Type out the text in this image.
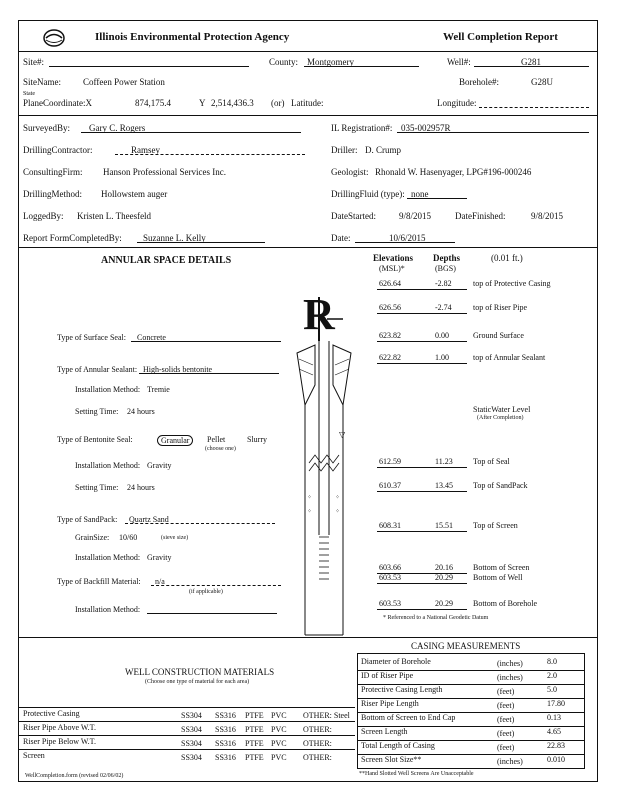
Illinois Environmental Protection Agency	Well Completion Report
Site#:	County: Montgomery	Well#:	G281
SiteName: Coffeen Power Station	Borehole#:	G28U
State
PlaneCoordinate:X	874,175.4	Y 2,514,436.3 (or) Latitude:	Longitude:
SurveyedBy: Gary C. Rogers	IL Registration#: 035-002957R
DrillingContractor:	Ramsey	Driller: D. Crump
ConsultingFirm: Hanson Professional Services Inc.	Geologist: Rhonald W. Hasenyager, LPG#196-000246
DrillingMethod: Hollowstem auger	DrillingFluid (type): none
LoggedBy: Kristen L. Theesfeld	DateStarted:	9/8/2015	DateFinished:	9/8/2015
Report FormCompletedBy: Suzanne L. Kelly	Date:	10/6/2015
ANNULAR SPACE DETAILS	Elevations
(MSL)*
Depths
(BGS)
(0.01 ft.)
R
▽
⁘	⁘
⁘	⁘
626.64	-2.82	top of Protective Casing
626.56	-2.74	top of Riser Pipe
623.82	0.00	Ground Surface
622.82	1.00	top of Annular Sealant
612.59	11.23	Top of Seal
610.37	13.45	Top of SandPack
608.31	15.51	Top of Screen
603.66	20.16	Bottom of Screen
603.53	20.29	Bottom of Well
603.53	20.29	Bottom of Borehole
StaticWater Level
(After Completion)
* Referenced to a National Geodetic Datum
Type of Surface Seal: Concrete
Type of Annular Sealant: High-solids bentonite
Installation Method: Tremie
Setting Time: 24 hours
Type of Bentonite Seal:	Granular	Pellet	Slurry
(choose one)
Installation Method: Gravity
Setting Time: 24 hours
Type of SandPack: Quartz Sand
GrainSize: 10/60	(sieve size)
Installation Method: Gravity
Type of Backfill Material: n/a
(if applicable)
Installation Method:
WELL CONSTRUCTION MATERIALS
(Choose one type of material for each area)
Protective Casing	SS304 SS316 PTFE PVC OTHER: Steel
Riser Pipe Above W.T.	SS304 SS316 PTFE PVC OTHER:
Riser Pipe Below W.T.	SS304 SS316 PTFE PVC OTHER:
Screen	SS304 SS316 PTFE PVC OTHER:
CASING MEASUREMENTS
Diameter of Borehole	(inches)	8.0
ID of Riser Pipe	(inches)	2.0
Protective Casing Length	(feet)	5.0
Riser Pipe Length	(feet)	17.80
Bottom of Screen to End Cap	(feet)	0.13
Screen Length	(feet)	4.65
Total Length of Casing	(feet)	22.83
Screen Slot Size**	(inches)	0.010
**Hand Slotted Well Screens Are Unacceptable
WellCompletion.form (revised 02/06/02)
